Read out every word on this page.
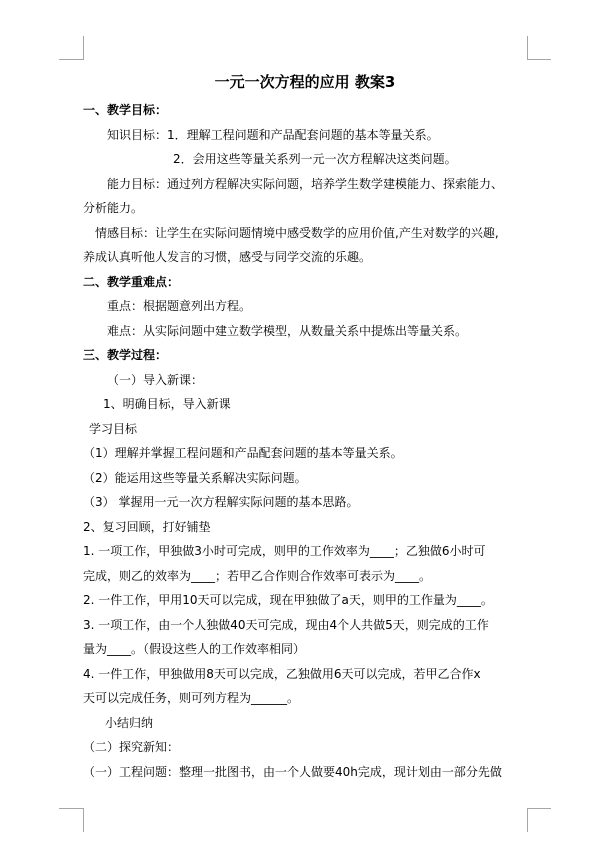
一元一次方程的应用 教案3
一、教学目标：
知识目标：1．理解工程问题和产品配套问题的基本等量关系。
2．会用这些等量关系列一元一次方程解决这类问题。
能力目标：通过列方程解决实际问题，培养学生数学建模能力、探索能力、
分析能力。
情感目标：让学生在实际问题情境中感受数学的应用价值,产生对数学的兴趣,
养成认真听他人发言的习惯，感受与同学交流的乐趣。
二、教学重难点：
重点：根据题意列出方程。
难点：从实际问题中建立数学模型，从数量关系中提炼出等量关系。
三、教学过程：
（一）导入新课：
1、明确目标，导入新课
学习目标
（1）理解并掌握工程问题和产品配套问题的基本等量关系。
（2）能运用这些等量关系解决实际问题。
（3） 掌握用一元一次方程解实际问题的基本思路。
2、复习回顾，打好铺垫
1. 一项工作，甲独做3小时可完成，则甲的工作效率为____；乙独做6小时可
完成，则乙的效率为____；若甲乙合作则合作效率可表示为____。
2. 一件工作，甲用10天可以完成，现在甲独做了a天，则甲的工作量为____。
3. 一项工作，由一个人独做40天可完成，现由4个人共做5天，则完成的工作
量为____。（假设这些人的工作效率相同）
4. 一件工作，甲独做用8天可以完成，乙独做用6天可以完成，若甲乙合作x
天可以完成任务，则可列方程为______。
小结归纳
（二）探究新知：
（一）工程问题：整理一批图书，由一个人做要40h完成，现计划由一部分先做
